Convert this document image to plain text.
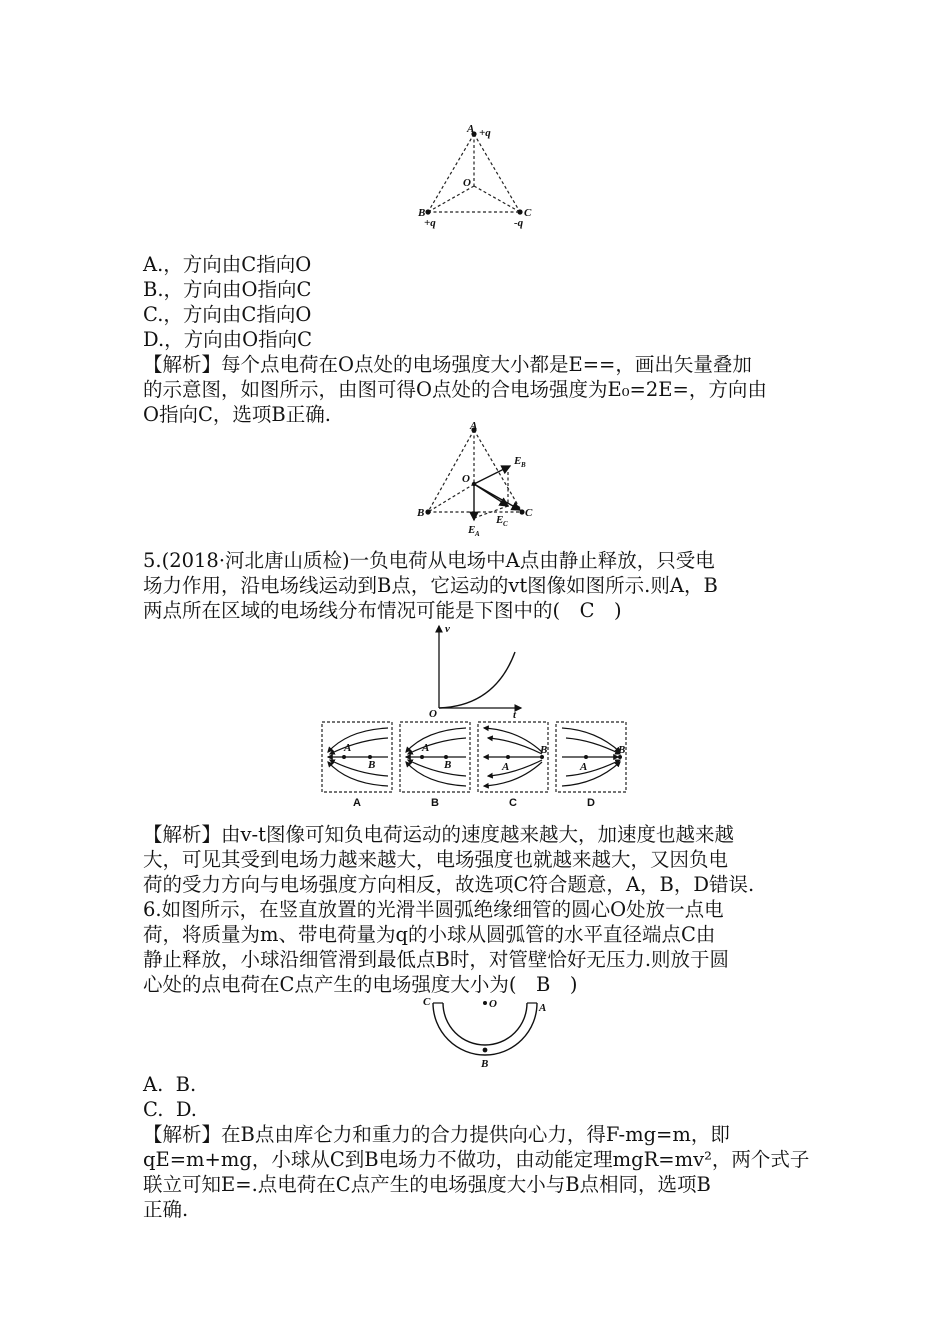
A +q
O
B	C
+q	-q
A.，方向由C指向O
B.，方向由O指向C
C.，方向由C指向O
D.，方向由O指向C
【解析】每个点电荷在O点处的电场强度大小都是E==，画出矢量叠加
的示意图，如图所示，由图可得O点处的合电场强度为E₀=2E=，方向由
O指向C，选项B正确.	A
E B
O
B	C
E A
E C
5.(2018·河北唐山质检)一负电荷从电场中A点由静止释放，只受电
场力作用，沿电场线运动到B点，它运动的vt图像如图所示.则A，B
两点所在区域的电场线分布情况可能是下图中的(　C　)
v
O	t
A
B
A
A
B
B
A
B
C
A
B
D
【解析】由v-t图像可知负电荷运动的速度越来越大，加速度也越来越
大，可见其受到电场力越来越大，电场强度也就越来越大，又因负电
荷的受力方向与电场强度方向相反，故选项C符合题意，A，B，D错误.
6.如图所示，在竖直放置的光滑半圆弧绝缘细管的圆心O处放一点电
荷，将质量为m、带电荷量为q的小球从圆弧管的水平直径端点C由
静止释放，小球沿细管滑到最低点B时，对管壁恰好无压力.则放于圆
心处的点电荷在C点产生的电场强度大小为(　B　)
C	O	A
B
A.  B.
C.  D.
【解析】在B点由库仑力和重力的合力提供向心力，得F-mg=m，即
qE=m+mg，小球从C到B电场力不做功，由动能定理mgR=mv²，两个式子
联立可知E=.点电荷在C点产生的电场强度大小与B点相同，选项B
正确.
